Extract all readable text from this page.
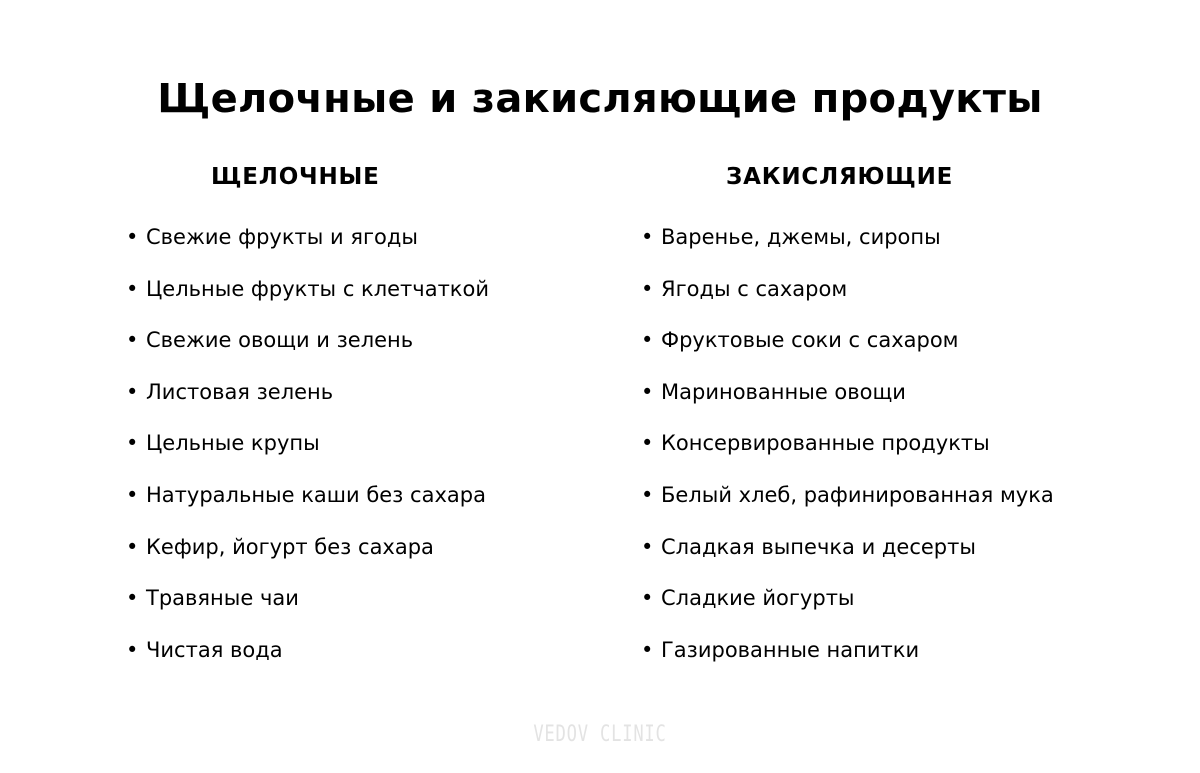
Щелочные и закисляющие продукты
ЩЕЛОЧНЫЕ
• Свежие фрукты и ягоды
• Цельные фрукты с клетчаткой
• Свежие овощи и зелень
• Листовая зелень
• Цельные крупы
• Натуральные каши без сахара
• Кефир, йогурт без сахара
• Травяные чаи
• Чистая вода
ЗАКИСЛЯЮЩИЕ
• Варенье, джемы, сиропы
• Ягоды с сахаром
• Фруктовые соки с сахаром
• Маринованные овощи
• Консервированные продукты
• Белый хлеб, рафинированная мука
• Сладкая выпечка и десерты
• Сладкие йогурты
• Газированные напитки
VEDOV CLINIC
